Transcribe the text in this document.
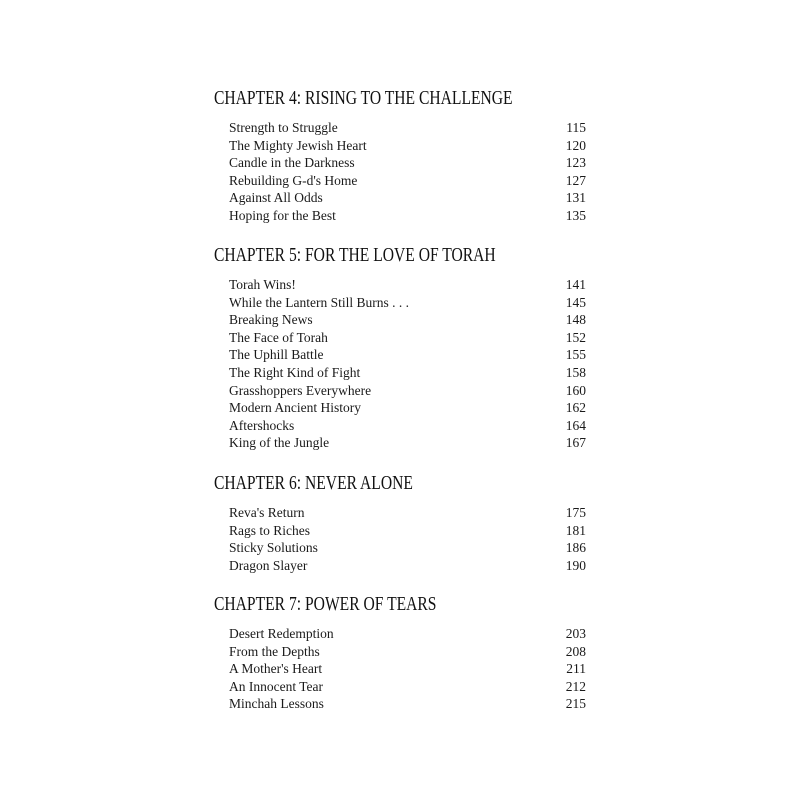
CHAPTER 4: RISING TO THE CHALLENGE
Strength to Struggle	115
The Mighty Jewish Heart	120
Candle in the Darkness	123
Rebuilding G-d's Home	127
Against All Odds	131
Hoping for the Best	135
CHAPTER 5: FOR THE LOVE OF TORAH
Torah Wins!	141
While the Lantern Still Burns . . .	145
Breaking News	148
The Face of Torah	152
The Uphill Battle	155
The Right Kind of Fight	158
Grasshoppers Everywhere	160
Modern Ancient History	162
Aftershocks	164
King of the Jungle	167
CHAPTER 6: NEVER ALONE
Reva's Return	175
Rags to Riches	181
Sticky Solutions	186
Dragon Slayer	190
CHAPTER 7: POWER OF TEARS
Desert Redemption	203
From the Depths	208
A Mother's Heart	211
An Innocent Tear	212
Minchah Lessons	215
